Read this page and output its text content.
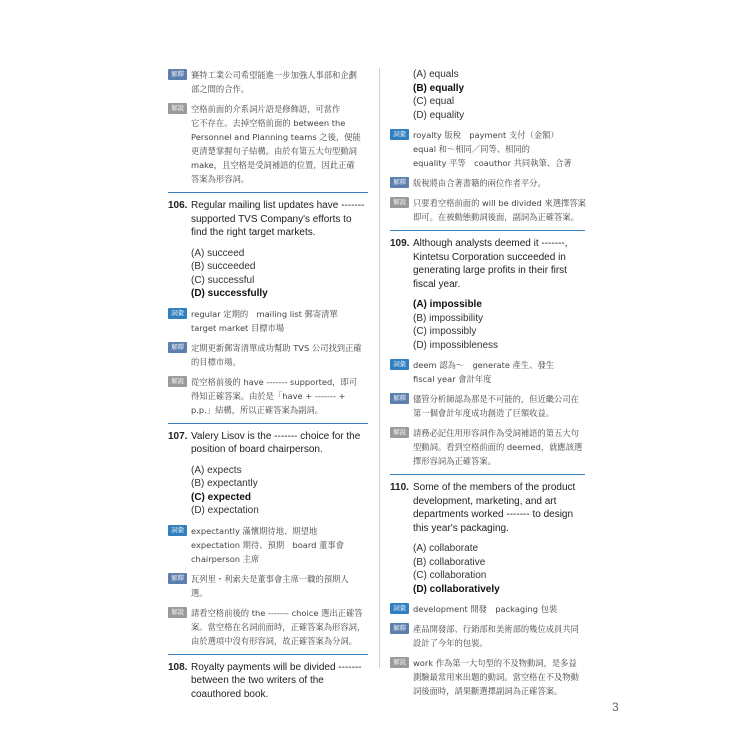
解釋 賽特工業公司希望能進一步加強人事部和企劃
部之間的合作。
解說 空格前面的介系詞片語是修飾語，可當作
它不存在。去掉空格前面的 between the
Personnel and Planning teams 之後，便能
更清楚掌握句子結構。由於有第五大句型動詞
make，且空格是受詞補語的位置，因此正確
答案為形容詞。
106. Regular mailing list updates have -------
supported TVS Company's efforts to
find the right target markets.
(A) succeed
(B) succeeded
(C) successful
(D) successfully
詞彙 regular 定期的　mailing list 郵寄清單
target market 目標市場
解釋 定期更新郵寄清單成功幫助 TVS 公司找到正確
的目標市場。
解說 從空格前後的 have ------- supported，即可
得知正確答案。由於是「have + ------- +
p.p.」結構，所以正確答案為副詞。
107. Valery Lisov is the ------- choice for the
position of board chairperson.
(A) expects
(B) expectantly
(C) expected
(D) expectation
詞彙 expectantly 滿懷期待地、期望地
expectation 期待、預期　board 董事會
chairperson 主席
解釋 瓦列里・利索夫是董事會主席一職的預期人
選。
解說 請看空格前後的 the ------- choice 選出正確答
案。當空格在名詞前面時，正確答案為形容詞，
由於選項中沒有形容詞，故正確答案為分詞。
108. Royalty payments will be divided -------
between the two writers of the
coauthored book.
(A) equals
(B) equally
(C) equal
(D) equality
詞彙 royalty 版稅　payment 支付（金額）
equal 和～相同／同等、相同的
equality 平等　coauthor 共同執筆、合著
解釋 版稅將由合著書籍的兩位作者平分。
解說 只要看空格前面的 will be divided 來選擇答案
即可。在被動態動詞後面，副詞為正確答案。
109. Although analysts deemed it -------,
Kintetsu Corporation succeeded in
generating large profits in their first
fiscal year.
(A) impossible
(B) impossibility
(C) impossibly
(D) impossibleness
詞彙 deem 認為～　generate 產生、發生
fiscal year 會計年度
解釋 儘管分析師認為那是不可能的，但近畿公司在
第一個會計年度成功創造了巨額收益。
解說 請務必記住用形容詞作為受詞補語的第五大句
型動詞。看到空格前面的 deemed，就應該選
擇形容詞為正確答案。
110. Some of the members of the product
development, marketing, and art
departments worked ------- to design
this year's packaging.
(A) collaborate
(B) collaborative
(C) collaboration
(D) collaboratively
詞彙 development 開發　packaging 包裝
解釋 產品開發部、行銷部和美術部的幾位成員共同
設計了今年的包裝。
解說 work 作為第一大句型的不及物動詞，是多益
測驗最常用來出題的動詞。當空格在不及物動
詞後面時，請果斷選擇副詞為正確答案。
3
